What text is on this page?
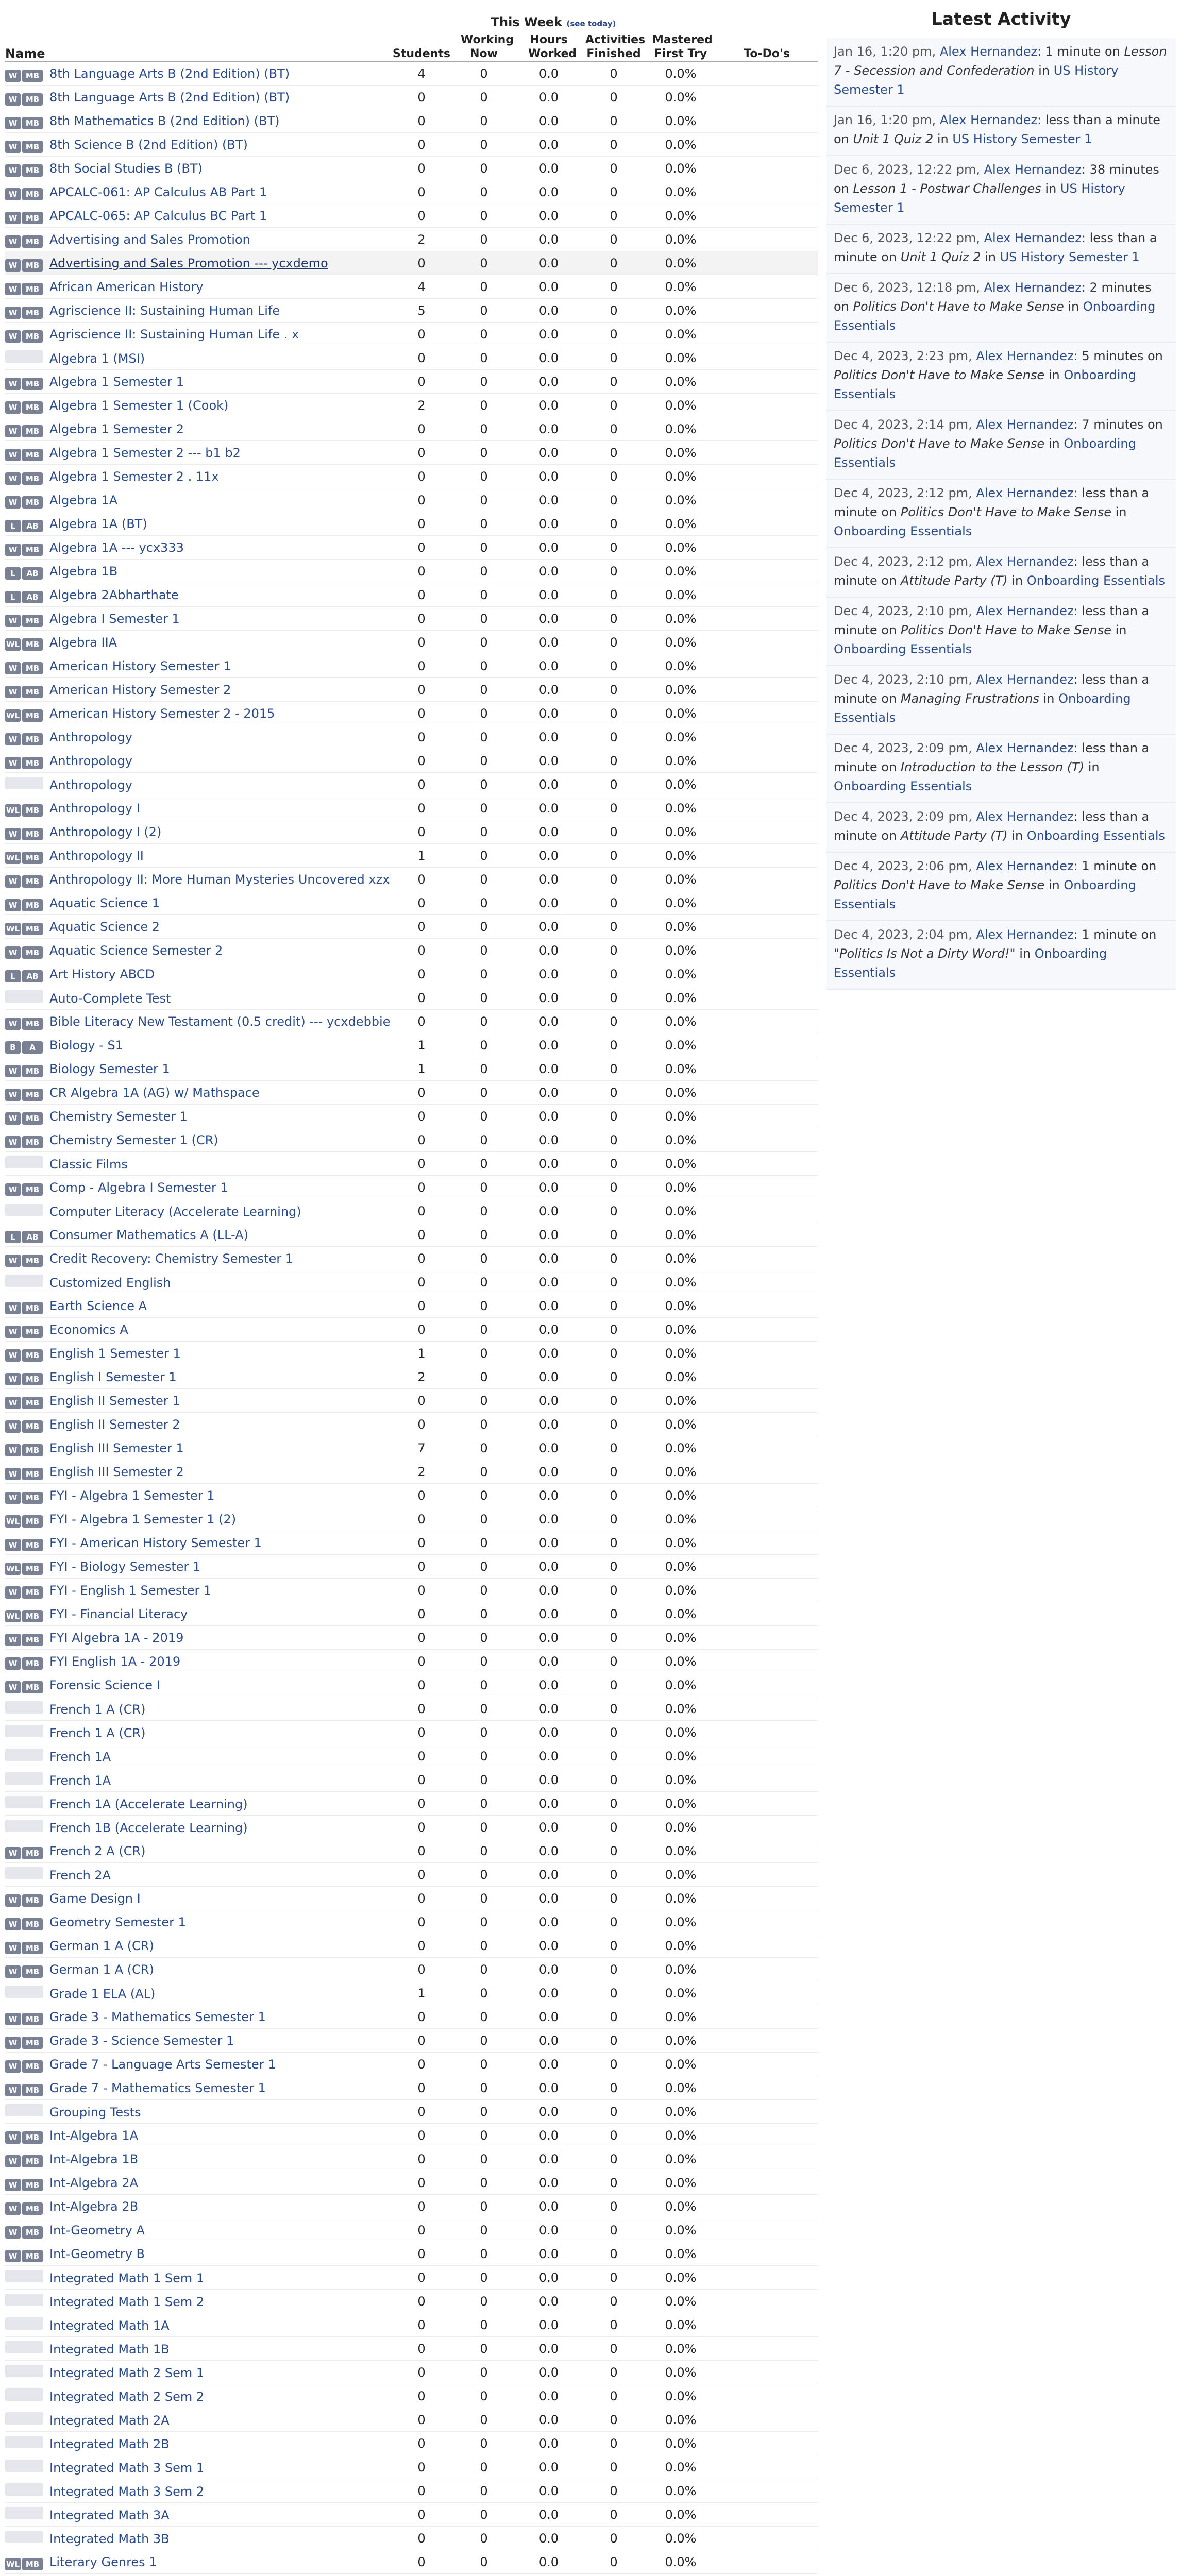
	This Week (see today)					
Name	Students	Working Now	Hours Worked	Activities Finished	Mastered First Try	To-Do's
W MB 8th Language Arts B (2nd Edition) (BT)	4	0	0.0	0	0.0%	
W MB 8th Language Arts B (2nd Edition) (BT)	0	0	0.0	0	0.0%	
W MB 8th Mathematics B (2nd Edition) (BT)	0	0	0.0	0	0.0%	
W MB 8th Science B (2nd Edition) (BT)	0	0	0.0	0	0.0%	
W MB 8th Social Studies B (BT)	0	0	0.0	0	0.0%	
W MB APCALC-061: AP Calculus AB Part 1	0	0	0.0	0	0.0%	
W MB APCALC-065: AP Calculus BC Part 1	0	0	0.0	0	0.0%	
W MB Advertising and Sales Promotion	2	0	0.0	0	0.0%	
W MB Advertising and Sales Promotion --- ycxdemo	0	0	0.0	0	0.0%	
W MB African American History	4	0	0.0	0	0.0%	
W MB Agriscience II: Sustaining Human Life	5	0	0.0	0	0.0%	
W MB Agriscience II: Sustaining Human Life . x	0	0	0.0	0	0.0%	
Algebra 1 (MSI)	0	0	0.0	0	0.0%	
W MB Algebra 1 Semester 1	0	0	0.0	0	0.0%	
W MB Algebra 1 Semester 1 (Cook)	2	0	0.0	0	0.0%	
W MB Algebra 1 Semester 2	0	0	0.0	0	0.0%	
W MB Algebra 1 Semester 2 --- b1 b2	0	0	0.0	0	0.0%	
W MB Algebra 1 Semester 2 . 11x	0	0	0.0	0	0.0%	
W MB Algebra 1A	0	0	0.0	0	0.0%	
L AB Algebra 1A (BT)	0	0	0.0	0	0.0%	
W MB Algebra 1A --- ycx333	0	0	0.0	0	0.0%	
L AB Algebra 1B	0	0	0.0	0	0.0%	
L AB Algebra 2Abharthate	0	0	0.0	0	0.0%	
W MB Algebra I Semester 1	0	0	0.0	0	0.0%	
WL MB Algebra IIA	0	0	0.0	0	0.0%	
W MB American History Semester 1	0	0	0.0	0	0.0%	
W MB American History Semester 2	0	0	0.0	0	0.0%	
WL MB American History Semester 2 - 2015	0	0	0.0	0	0.0%	
W MB Anthropology	0	0	0.0	0	0.0%	
W MB Anthropology	0	0	0.0	0	0.0%	
Anthropology	0	0	0.0	0	0.0%	
WL MB Anthropology I	0	0	0.0	0	0.0%	
W MB Anthropology I (2)	0	0	0.0	0	0.0%	
WL MB Anthropology II	1	0	0.0	0	0.0%	
W MB Anthropology II: More Human Mysteries Uncovered xzx	0	0	0.0	0	0.0%	
W MB Aquatic Science 1	0	0	0.0	0	0.0%	
WL MB Aquatic Science 2	0	0	0.0	0	0.0%	
W MB Aquatic Science Semester 2	0	0	0.0	0	0.0%	
L AB Art History ABCD	0	0	0.0	0	0.0%	
Auto-Complete Test	0	0	0.0	0	0.0%	
W MB Bible Literacy New Testament (0.5 credit) --- ycxdebbie	0	0	0.0	0	0.0%	
B A Biology - S1	1	0	0.0	0	0.0%	
W MB Biology Semester 1	1	0	0.0	0	0.0%	
W MB CR Algebra 1A (AG) w/ Mathspace	0	0	0.0	0	0.0%	
W MB Chemistry Semester 1	0	0	0.0	0	0.0%	
W MB Chemistry Semester 1 (CR)	0	0	0.0	0	0.0%	
Classic Films	0	0	0.0	0	0.0%	
W MB Comp - Algebra I Semester 1	0	0	0.0	0	0.0%	
Computer Literacy (Accelerate Learning)	0	0	0.0	0	0.0%	
L AB Consumer Mathematics A (LL-A)	0	0	0.0	0	0.0%	
W MB Credit Recovery: Chemistry Semester 1	0	0	0.0	0	0.0%	
Customized English	0	0	0.0	0	0.0%	
W MB Earth Science A	0	0	0.0	0	0.0%	
W MB Economics A	0	0	0.0	0	0.0%	
W MB English 1 Semester 1	1	0	0.0	0	0.0%	
W MB English I Semester 1	2	0	0.0	0	0.0%	
W MB English II Semester 1	0	0	0.0	0	0.0%	
W MB English II Semester 2	0	0	0.0	0	0.0%	
W MB English III Semester 1	7	0	0.0	0	0.0%	
W MB English III Semester 2	2	0	0.0	0	0.0%	
W MB FYI - Algebra 1 Semester 1	0	0	0.0	0	0.0%	
WL MB FYI - Algebra 1 Semester 1 (2)	0	0	0.0	0	0.0%	
W MB FYI - American History Semester 1	0	0	0.0	0	0.0%	
WL MB FYI - Biology Semester 1	0	0	0.0	0	0.0%	
W MB FYI - English 1 Semester 1	0	0	0.0	0	0.0%	
WL MB FYI - Financial Literacy	0	0	0.0	0	0.0%	
W MB FYI Algebra 1A - 2019	0	0	0.0	0	0.0%	
W MB FYI English 1A - 2019	0	0	0.0	0	0.0%	
W MB Forensic Science I	0	0	0.0	0	0.0%	
French 1 A (CR)	0	0	0.0	0	0.0%	
French 1 A (CR)	0	0	0.0	0	0.0%	
French 1A	0	0	0.0	0	0.0%	
French 1A	0	0	0.0	0	0.0%	
French 1A (Accelerate Learning)	0	0	0.0	0	0.0%	
French 1B (Accelerate Learning)	0	0	0.0	0	0.0%	
W MB French 2 A (CR)	0	0	0.0	0	0.0%	
French 2A	0	0	0.0	0	0.0%	
W MB Game Design I	0	0	0.0	0	0.0%	
W MB Geometry Semester 1	0	0	0.0	0	0.0%	
W MB German 1 A (CR)	0	0	0.0	0	0.0%	
W MB German 1 A (CR)	0	0	0.0	0	0.0%	
Grade 1 ELA (AL)	1	0	0.0	0	0.0%	
W MB Grade 3 - Mathematics Semester 1	0	0	0.0	0	0.0%	
W MB Grade 3 - Science Semester 1	0	0	0.0	0	0.0%	
W MB Grade 7 - Language Arts Semester 1	0	0	0.0	0	0.0%	
W MB Grade 7 - Mathematics Semester 1	0	0	0.0	0	0.0%	
Grouping Tests	0	0	0.0	0	0.0%	
W MB Int-Algebra 1A	0	0	0.0	0	0.0%	
W MB Int-Algebra 1B	0	0	0.0	0	0.0%	
W MB Int-Algebra 2A	0	0	0.0	0	0.0%	
W MB Int-Algebra 2B	0	0	0.0	0	0.0%	
W MB Int-Geometry A	0	0	0.0	0	0.0%	
W MB Int-Geometry B	0	0	0.0	0	0.0%	
Integrated Math 1 Sem 1	0	0	0.0	0	0.0%	
Integrated Math 1 Sem 2	0	0	0.0	0	0.0%	
Integrated Math 1A	0	0	0.0	0	0.0%	
Integrated Math 1B	0	0	0.0	0	0.0%	
Integrated Math 2 Sem 1	0	0	0.0	0	0.0%	
Integrated Math 2 Sem 2	0	0	0.0	0	0.0%	
Integrated Math 2A	0	0	0.0	0	0.0%	
Integrated Math 2B	0	0	0.0	0	0.0%	
Integrated Math 3 Sem 1	0	0	0.0	0	0.0%	
Integrated Math 3 Sem 2	0	0	0.0	0	0.0%	
Integrated Math 3A	0	0	0.0	0	0.0%	
Integrated Math 3B	0	0	0.0	0	0.0%	
WL MB Literary Genres 1	0	0	0.0	0	0.0%	

Latest Activity
Jan 16, 1:20 pm, Alex Hernandez: 1 minute on Lesson 7 - Secession and Confederation in US History Semester 1
Jan 16, 1:20 pm, Alex Hernandez: less than a minute on Unit 1 Quiz 2 in US History Semester 1
Dec 6, 2023, 12:22 pm, Alex Hernandez: 38 minutes on Lesson 1 - Postwar Challenges in US History Semester 1
Dec 6, 2023, 12:22 pm, Alex Hernandez: less than a minute on Unit 1 Quiz 2 in US History Semester 1
Dec 6, 2023, 12:18 pm, Alex Hernandez: 2 minutes on Politics Don't Have to Make Sense in Onboarding Essentials
Dec 4, 2023, 2:23 pm, Alex Hernandez: 5 minutes on Politics Don't Have to Make Sense in Onboarding Essentials
Dec 4, 2023, 2:14 pm, Alex Hernandez: 7 minutes on Politics Don't Have to Make Sense in Onboarding Essentials
Dec 4, 2023, 2:12 pm, Alex Hernandez: less than a minute on Politics Don't Have to Make Sense in Onboarding Essentials
Dec 4, 2023, 2:12 pm, Alex Hernandez: less than a minute on Attitude Party (T) in Onboarding Essentials
Dec 4, 2023, 2:10 pm, Alex Hernandez: less than a minute on Politics Don't Have to Make Sense in Onboarding Essentials
Dec 4, 2023, 2:10 pm, Alex Hernandez: less than a minute on Managing Frustrations in Onboarding Essentials
Dec 4, 2023, 2:09 pm, Alex Hernandez: less than a minute on Introduction to the Lesson (T) in Onboarding Essentials
Dec 4, 2023, 2:09 pm, Alex Hernandez: less than a minute on Attitude Party (T) in Onboarding Essentials
Dec 4, 2023, 2:06 pm, Alex Hernandez: 1 minute on Politics Don't Have to Make Sense in Onboarding Essentials
Dec 4, 2023, 2:04 pm, Alex Hernandez: 1 minute on "Politics Is Not a Dirty Word!" in Onboarding Essentials
